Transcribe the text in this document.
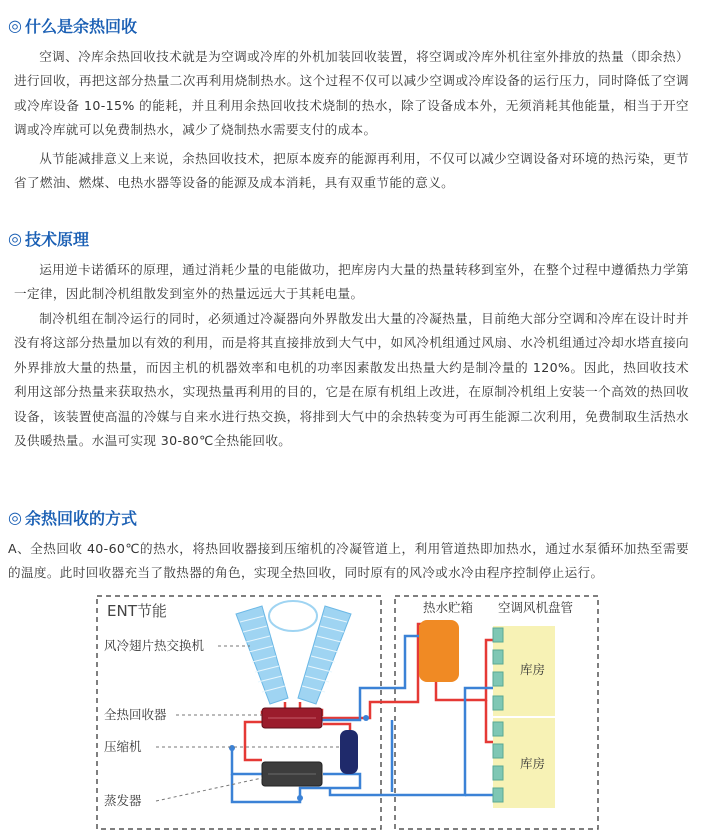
◎ 什么是余热回收

空调、冷库余热回收技术就是为空调或冷库的外机加装回收装置，将空调或冷库外机往室外排放的热量（即余热）进行回收，再把这部分热量二次再利用烧制热水。这个过程不仅可以减少空调或冷库设备的运行压力，同时降低了空调或冷库设备 10-15% 的能耗，并且利用余热回收技术烧制的热水，除了设备成本外，无须消耗其他能量，相当于开空调或冷库就可以免费制热水，减少了烧制热水需要支付的成本。

从节能减排意义上来说，余热回收技术，把原本废弃的能源再利用，不仅可以减少空调设备对环境的热污染，更节省了燃油、燃煤、电热水器等设备的能源及成本消耗，具有双重节能的意义。

◎ 技术原理

运用逆卡诺循环的原理，通过消耗少量的电能做功，把库房内大量的热量转移到室外，在整个过程中遵循热力学第一定律，因此制冷机组散发到室外的热量远远大于其耗电量。

制冷机组在制冷运行的同时，必须通过冷凝器向外界散发出大量的冷凝热量，目前绝大部分空调和冷库在设计时并没有将这部分热量加以有效的利用，而是将其直接排放到大气中，如风冷机组通过风扇、水冷机组通过冷却水塔直接向外界排放大量的热量，而因主机的机器效率和电机的功率因素散发出热量大约是制冷量的 120%。因此，热回收技术利用这部分热量来获取热水，实现热量再利用的目的，它是在原有机组上改进，在原制冷机组上安装一个高效的热回收设备，该装置使高温的冷媒与自来水进行热交换，将排到大气中的余热转变为可再生能源二次利用，免费制取生活热水及供暖热量。水温可实现 30-80℃全热能回收。

◎ 余热回收的方式

A、全热回收 40-60℃的热水，将热回收器接到压缩机的冷凝管道上，利用管道热即加热水，通过水泵循环加热至需要的温度。此时回收器充当了散热器的角色，实现全热回收，同时原有的风冷或水冷由程序控制停止运行。

ENT节能
风冷翅片热交换机
全热回收器
压缩机
蒸发器
热水贮箱 空调风机盘管
库房
库房
